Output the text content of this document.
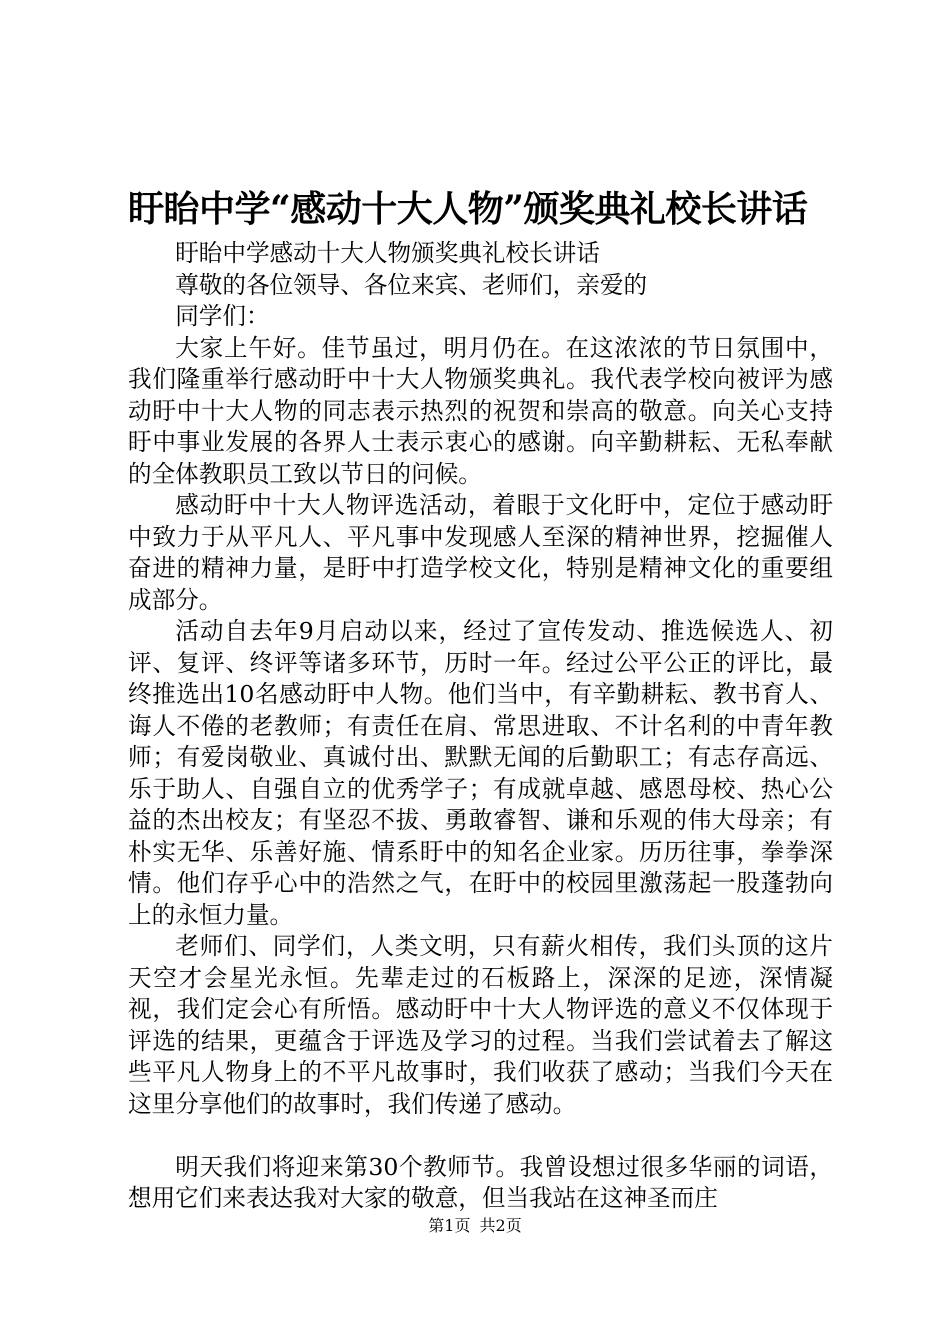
盱眙中学“感动十大人物”颁奖典礼校长讲话

盱眙中学感动十大人物颁奖典礼校长讲话

尊敬的各位领导、各位来宾、老师们，亲爱的

同学们：

大家上午好。佳节虽过，明月仍在。在这浓浓的节日氛围中，我们隆重举行感动盱中十大人物颁奖典礼。我代表学校向被评为感动盱中十大人物的同志表示热烈的祝贺和崇高的敬意。向关心支持盱中事业发展的各界人士表示衷心的感谢。向辛勤耕耘、无私奉献的全体教职员工致以节日的问候。

感动盱中十大人物评选活动，着眼于文化盱中，定位于感动盱中致力于从平凡人、平凡事中发现感人至深的精神世界，挖掘催人奋进的精神力量，是盱中打造学校文化，特别是精神文化的重要组成部分。

活动自去年9月启动以来，经过了宣传发动、推选候选人、初评、复评、终评等诸多环节，历时一年。经过公平公正的评比，最终推选出10名感动盱中人物。他们当中，有辛勤耕耘、教书育人、诲人不倦的老教师；有责任在肩、常思进取、不计名利的中青年教师；有爱岗敬业、真诚付出、默默无闻的后勤职工；有志存高远、乐于助人、自强自立的优秀学子；有成就卓越、感恩母校、热心公益的杰出校友；有坚忍不拔、勇敢睿智、谦和乐观的伟大母亲；有朴实无华、乐善好施、情系盱中的知名企业家。历历往事，拳拳深情。他们存乎心中的浩然之气，在盱中的校园里激荡起一股蓬勃向上的永恒力量。

老师们、同学们，人类文明，只有薪火相传，我们头顶的这片天空才会星光永恒。先辈走过的石板路上，深深的足迹，深情凝视，我们定会心有所悟。感动盱中十大人物评选的意义不仅体现于评选的结果，更蕴含于评选及学习的过程。当我们尝试着去了解这些平凡人物身上的不平凡故事时，我们收获了感动；当我们今天在这里分享他们的故事时，我们传递了感动。

明天我们将迎来第30个教师节。我曾设想过很多华丽的词语，想用它们来表达我对大家的敬意，但当我站在这神圣而庄

第1页 共2页
